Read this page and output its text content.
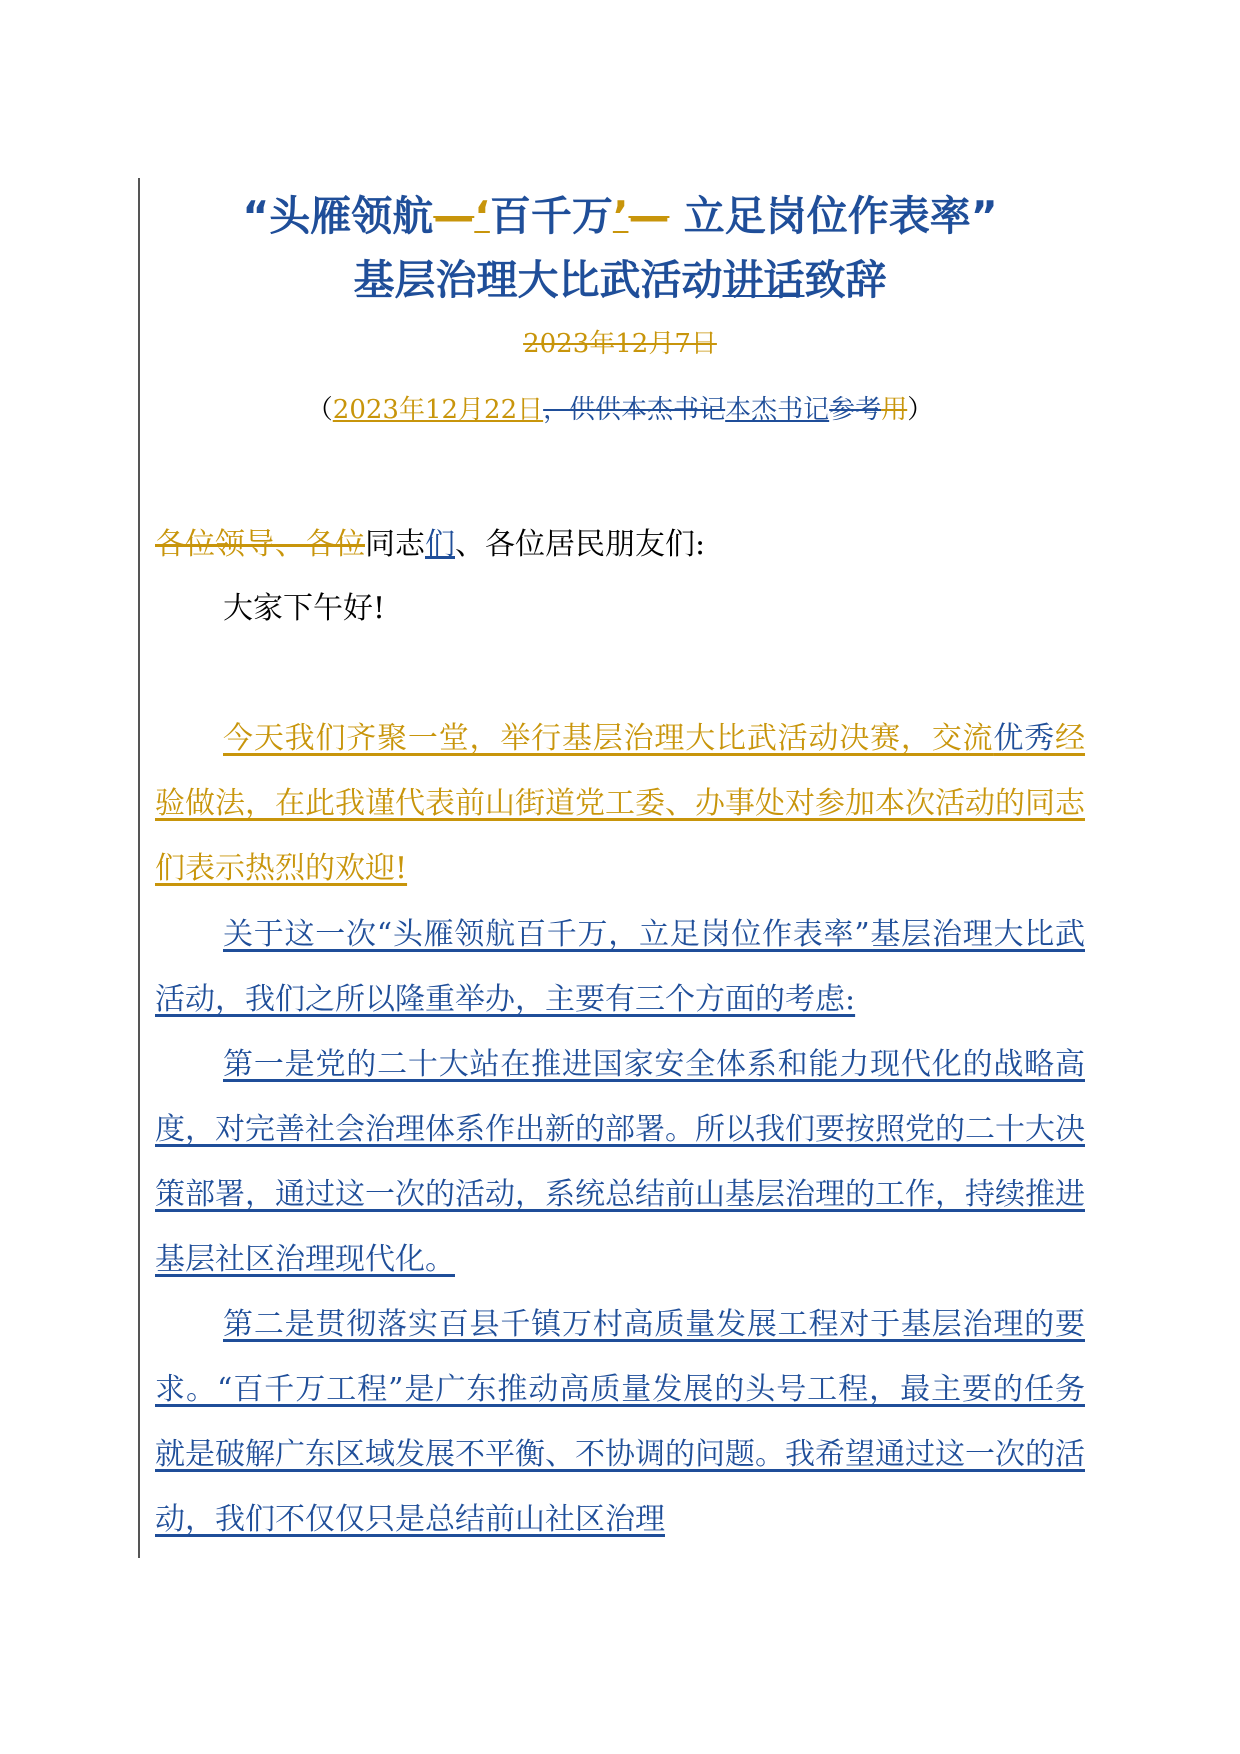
“头雁领航—‘百千万’— 立足岗位作表率”
基层治理大比武活动讲话致辞
2023年12月7日
（2023年12月22日，供供本杰书记本杰书记参考用）
各位领导、各位同志们、各位居民朋友们:
大家下午好!

今天我们齐聚一堂，举行基层治理大比武活动决赛，交流优秀经验做法，在此我谨代表前山街道党工委、办事处对参加本次活动的同志们表示热烈的欢迎!

关于这一次“头雁领航百千万，立足岗位作表率”基层治理大比武活动，我们之所以隆重举办，主要有三个方面的考虑:

第一是党的二十大站在推进国家安全体系和能力现代化的战略高度，对完善社会治理体系作出新的部署。所以我们要按照党的二十大决策部署，通过这一次的活动，系统总结前山基层治理的工作，持续推进基层社区治理现代化。

第二是贯彻落实百县千镇万村高质量发展工程对于基层治理的要求。“百千万工程”是广东推动高质量发展的头号工程，最主要的任务就是破解广东区域发展不平衡、不协调的问题。我希望通过这一次的活动，我们不仅仅只是总结前山社区治理
